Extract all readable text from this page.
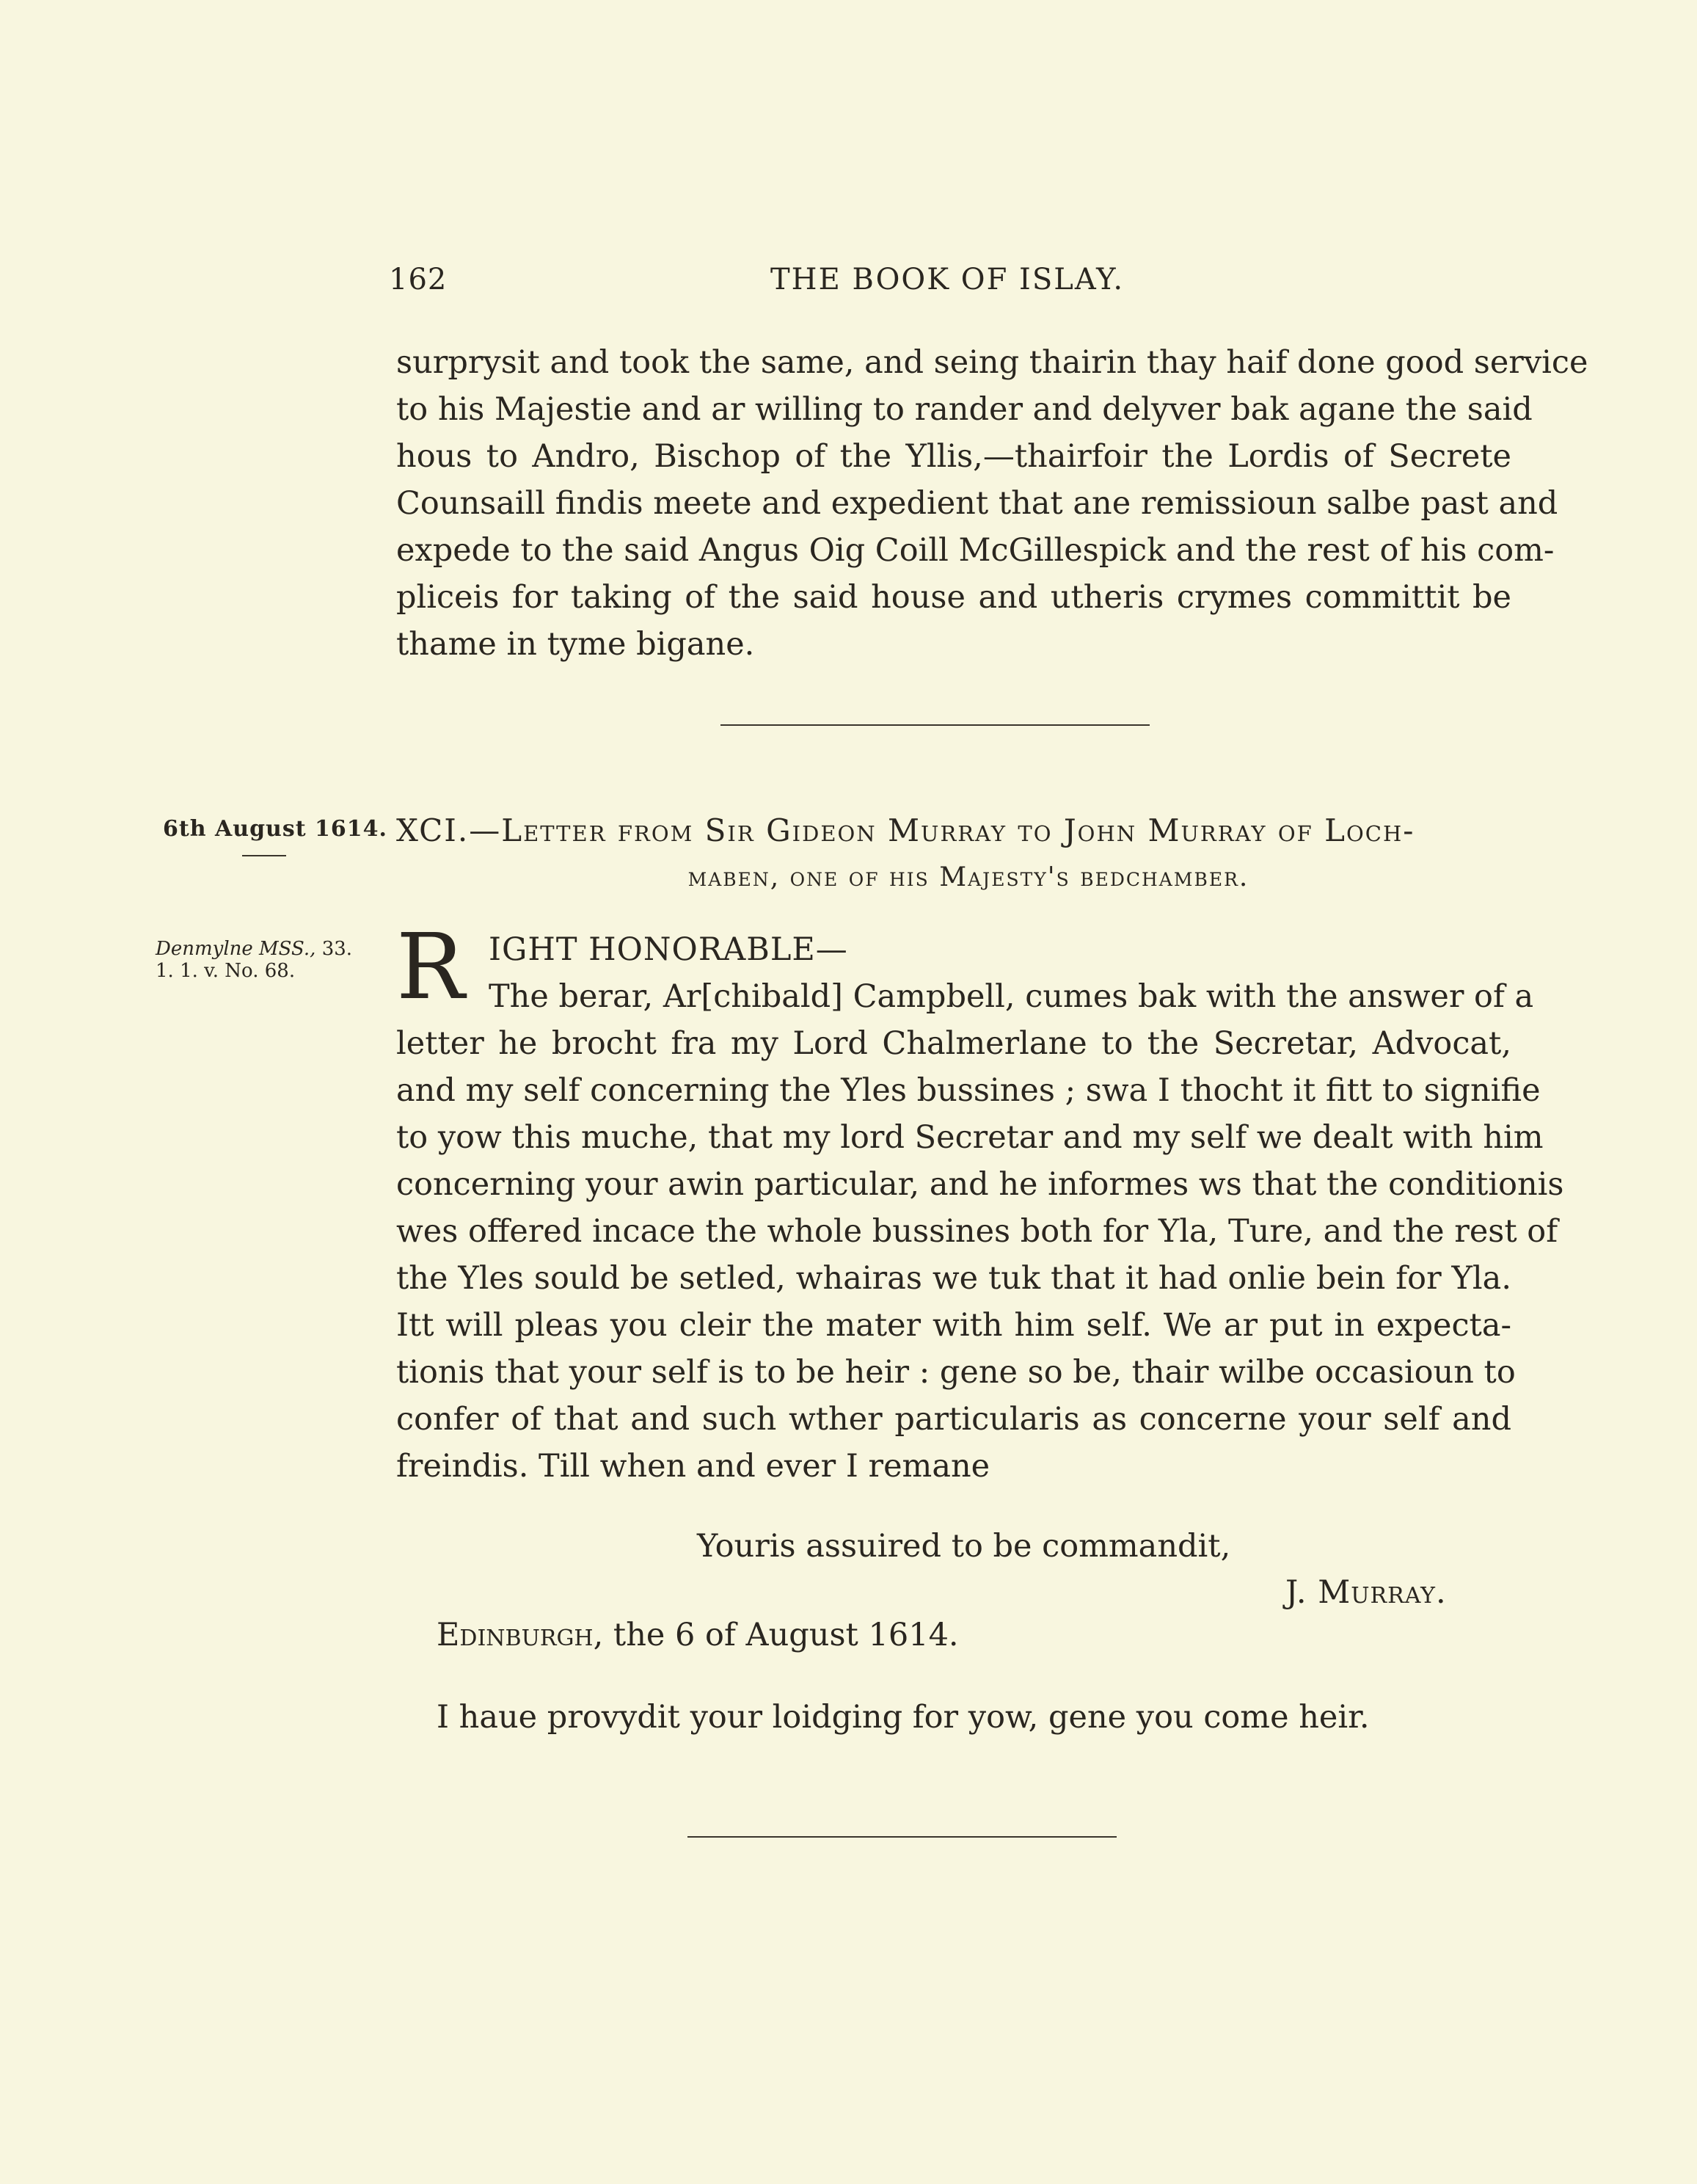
162	THE BOOK OF ISLAY.
surprysit and took the same, and seing thairin thay haif done good service
to his Majestie and ar willing to rander and delyver bak agane the said
hous to Andro, Bischop of the Yllis,—thairfoir the Lordis of Secrete
Counsaill findis meete and expedient that ane remissioun salbe past and
expede to the said Angus Oig Coill McGillespick and the rest of his com-
pliceis for taking of the said house and utheris crymes committit be
thame in tyme bigane.
6th August 1614.
Denmylne MSS., 33.
1. 1. v. No. 68.
XCI.—Letter from Sir Gideon Murray to John Murray of Loch-
maben, one of his Majesty's bedchamber.
R IGHT HONORABLE—
The berar, Ar[chibald] Campbell, cumes bak with the answer of a
letter he brocht fra my Lord Chalmerlane to the Secretar, Advocat,
and my self concerning the Yles bussines ; swa I thocht it fitt to signifie
to yow this muche, that my lord Secretar and my self we dealt with him
concerning your awin particular, and he informes ws that the conditionis
wes offered incace the whole bussines both for Yla, Ture, and the rest of
the Yles sould be setled, whairas we tuk that it had onlie bein for Yla.
Itt will pleas you cleir the mater with him self. We ar put in expecta-
tionis that your self is to be heir : gene so be, thair wilbe occasioun to
confer of that and such wther particularis as concerne your self and
freindis. Till when and ever I remane
Youris assuired to be commandit,
J. Murray.
Edinburgh, the 6 of August 1614.
I haue provydit your loidging for yow, gene you come heir.
